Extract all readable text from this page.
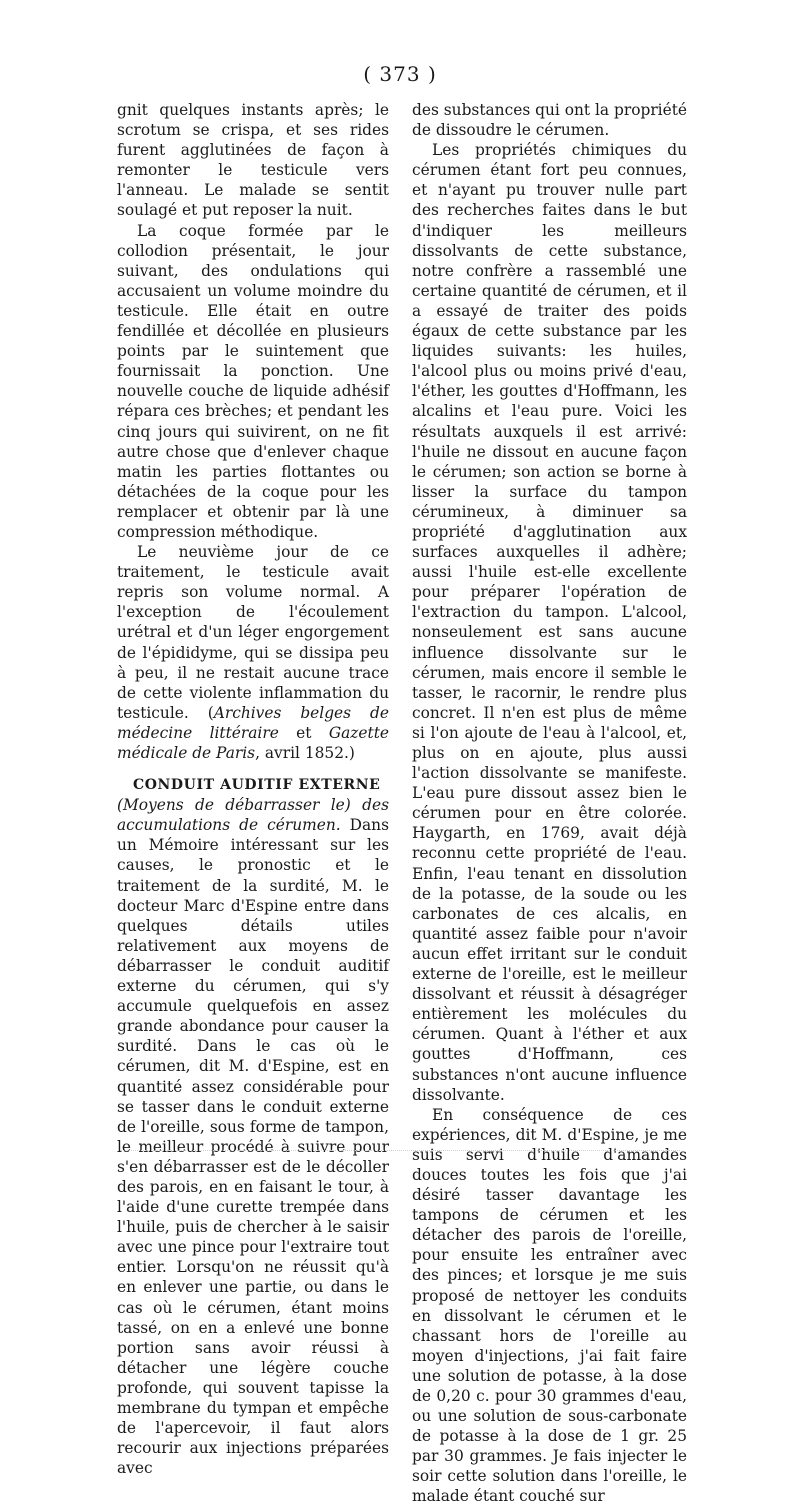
( 373 )

gnit quelques instants après; le scrotum se crispa, et ses rides furent agglutinées de façon à remonter le testicule vers l'anneau. Le malade se sentit soulagé et put reposer la nuit.

La coque formée par le collodion présentait, le jour suivant, des ondulations qui accusaient un volume moindre du testicule. Elle était en outre fendillée et décollée en plusieurs points par le suintement que fournissait la ponction. Une nouvelle couche de liquide adhésif répara ces brèches; et pendant les cinq jours qui suivirent, on ne fit autre chose que d'enlever chaque matin les parties flottantes ou détachées de la coque pour les remplacer et obtenir par là une compression méthodique.

Le neuvième jour de ce traitement, le testicule avait repris son volume normal. A l'exception de l'écoulement urétral et d'un léger engorgement de l'épididyme, qui se dissipa peu à peu, il ne restait aucune trace de cette violente inflammation du testicule. (Archives belges de médecine littéraire et Gazette médicale de Paris, avril 1852.)

CONDUIT AUDITIF EXTERNE

(Moyens de débarrasser le) des accumulations de cérumen. Dans un Mémoire intéressant sur les causes, le pronostic et le traitement de la surdité, M. le docteur Marc d'Espine entre dans quelques détails utiles relativement aux moyens de débarrasser le conduit auditif externe du cérumen, qui s'y accumule quelquefois en assez grande abondance pour causer la surdité. Dans le cas où le cérumen, dit M. d'Espine, est en quantité assez considérable pour se tasser dans le conduit externe de l'oreille, sous forme de tampon, le meilleur procédé à suivre pour s'en débarrasser est de le décoller des parois, en en faisant le tour, à l'aide d'une curette trempée dans l'huile, puis de chercher à le saisir avec une pince pour l'extraire tout entier. Lorsqu'on ne réussit qu'à en enlever une partie, ou dans le cas où le cérumen, étant moins tassé, on en a enlevé une bonne portion sans avoir réussi à détacher une légère couche profonde, qui souvent tapisse la membrane du tympan et empêche de l'apercevoir, il faut alors recourir aux injections préparées avec

des substances qui ont la propriété de dissoudre le cérumen.

Les propriétés chimiques du cérumen étant fort peu connues, et n'ayant pu trouver nulle part des recherches faites dans le but d'indiquer les meilleurs dissolvants de cette substance, notre confrère a rassemblé une certaine quantité de cérumen, et il a essayé de traiter des poids égaux de cette substance par les liquides suivants: les huiles, l'alcool plus ou moins privé d'eau, l'éther, les gouttes d'Hoffmann, les alcalins et l'eau pure. Voici les résultats auxquels il est arrivé: l'huile ne dissout en aucune façon le cérumen; son action se borne à lisser la surface du tampon cérumineux, à diminuer sa propriété d'agglutination aux surfaces auxquelles il adhère; aussi l'huile est-elle excellente pour préparer l'opération de l'extraction du tampon. L'alcool, nonseulement est sans aucune influence dissolvante sur le cérumen, mais encore il semble le tasser, le racornir, le rendre plus concret. Il n'en est plus de même si l'on ajoute de l'eau à l'alcool, et, plus on en ajoute, plus aussi l'action dissolvante se manifeste. L'eau pure dissout assez bien le cérumen pour en être colorée. Haygarth, en 1769, avait déjà reconnu cette propriété de l'eau. Enfin, l'eau tenant en dissolution de la potasse, de la soude ou les carbonates de ces alcalis, en quantité assez faible pour n'avoir aucun effet irritant sur le conduit externe de l'oreille, est le meilleur dissolvant et réussit à désagréger entièrement les molécules du cérumen. Quant à l'éther et aux gouttes d'Hoffmann, ces substances n'ont aucune influence dissolvante.

En conséquence de ces expériences, dit M. d'Espine, je me suis servi d'huile d'amandes douces toutes les fois que j'ai désiré tasser davantage les tampons de cérumen et les détacher des parois de l'oreille, pour ensuite les entraîner avec des pinces; et lorsque je me suis proposé de nettoyer les conduits en dissolvant le cérumen et le chassant hors de l'oreille au moyen d'injections, j'ai fait faire une solution de potasse, à la dose de 0,20 c. pour 30 grammes d'eau, ou une solution de sous-carbonate de potasse à la dose de 1 gr. 25 par 30 grammes. Je fais injecter le soir cette solution dans l'oreille, le malade étant couché sur
